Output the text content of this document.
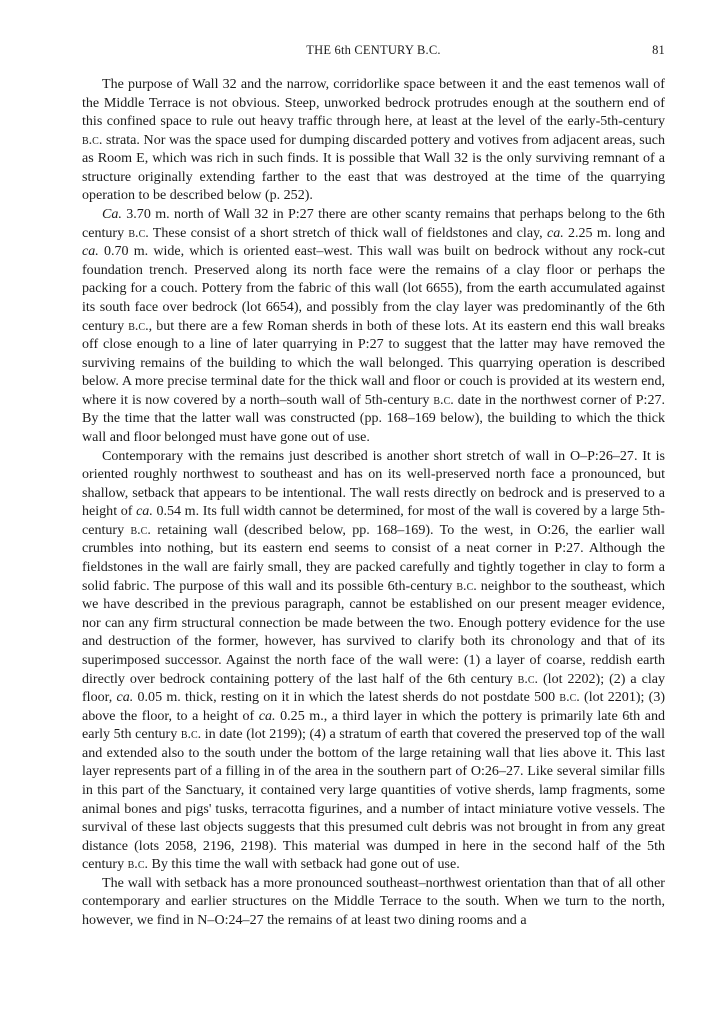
THE 6th CENTURY B.C.	81

The purpose of Wall 32 and the narrow, corridorlike space between it and the east temenos wall of the Middle Terrace is not obvious. Steep, unworked bedrock protrudes enough at the southern end of this confined space to rule out heavy traffic through here, at least at the level of the early-5th-century b.c. strata. Nor was the space used for dumping discarded pottery and votives from adjacent areas, such as Room E, which was rich in such finds. It is possible that Wall 32 is the only surviving remnant of a structure originally extending farther to the east that was destroyed at the time of the quarrying operation to be described below (p. 252).

Ca. 3.70 m. north of Wall 32 in P:27 there are other scanty remains that perhaps belong to the 6th century b.c. These consist of a short stretch of thick wall of fieldstones and clay, ca. 2.25 m. long and ca. 0.70 m. wide, which is oriented east–west. This wall was built on bedrock without any rock-cut foundation trench. Preserved along its north face were the remains of a clay floor or perhaps the packing for a couch. Pottery from the fabric of this wall (lot 6655), from the earth accumulated against its south face over bedrock (lot 6654), and possibly from the clay layer was predominantly of the 6th century b.c., but there are a few Roman sherds in both of these lots. At its eastern end this wall breaks off close enough to a line of later quarrying in P:27 to suggest that the latter may have removed the surviving remains of the building to which the wall belonged. This quarrying operation is described below. A more precise terminal date for the thick wall and floor or couch is provided at its western end, where it is now covered by a north–south wall of 5th-century b.c. date in the northwest corner of P:27. By the time that the latter wall was constructed (pp. 168–169 below), the building to which the thick wall and floor belonged must have gone out of use.

Contemporary with the remains just described is another short stretch of wall in O–P:26–27. It is oriented roughly northwest to southeast and has on its well-preserved north face a pronounced, but shallow, setback that appears to be intentional. The wall rests directly on bedrock and is preserved to a height of ca. 0.54 m. Its full width cannot be determined, for most of the wall is covered by a large 5th-century b.c. retaining wall (described below, pp. 168–169). To the west, in O:26, the earlier wall crumbles into nothing, but its eastern end seems to consist of a neat corner in P:27. Although the fieldstones in the wall are fairly small, they are packed carefully and tightly together in clay to form a solid fabric. The purpose of this wall and its possible 6th-century b.c. neighbor to the southeast, which we have described in the previous paragraph, cannot be established on our present meager evidence, nor can any firm structural connection be made between the two. Enough pottery evidence for the use and destruction of the former, however, has survived to clarify both its chronology and that of its superimposed successor. Against the north face of the wall were: (1) a layer of coarse, reddish earth directly over bedrock containing pottery of the last half of the 6th century b.c. (lot 2202); (2) a clay floor, ca. 0.05 m. thick, resting on it in which the latest sherds do not postdate 500 b.c. (lot 2201); (3) above the floor, to a height of ca. 0.25 m., a third layer in which the pottery is primarily late 6th and early 5th century b.c. in date (lot 2199); (4) a stratum of earth that covered the preserved top of the wall and extended also to the south under the bottom of the large retaining wall that lies above it. This last layer represents part of a filling in of the area in the southern part of O:26–27. Like several similar fills in this part of the Sanctuary, it contained very large quantities of votive sherds, lamp fragments, some animal bones and pigs' tusks, terracotta figurines, and a number of intact miniature votive vessels. The survival of these last objects suggests that this presumed cult debris was not brought in from any great distance (lots 2058, 2196, 2198). This material was dumped in here in the second half of the 5th century b.c. By this time the wall with setback had gone out of use.

The wall with setback has a more pronounced southeast–northwest orientation than that of all other contemporary and earlier structures on the Middle Terrace to the south. When we turn to the north, however, we find in N–O:24–27 the remains of at least two dining rooms and a
